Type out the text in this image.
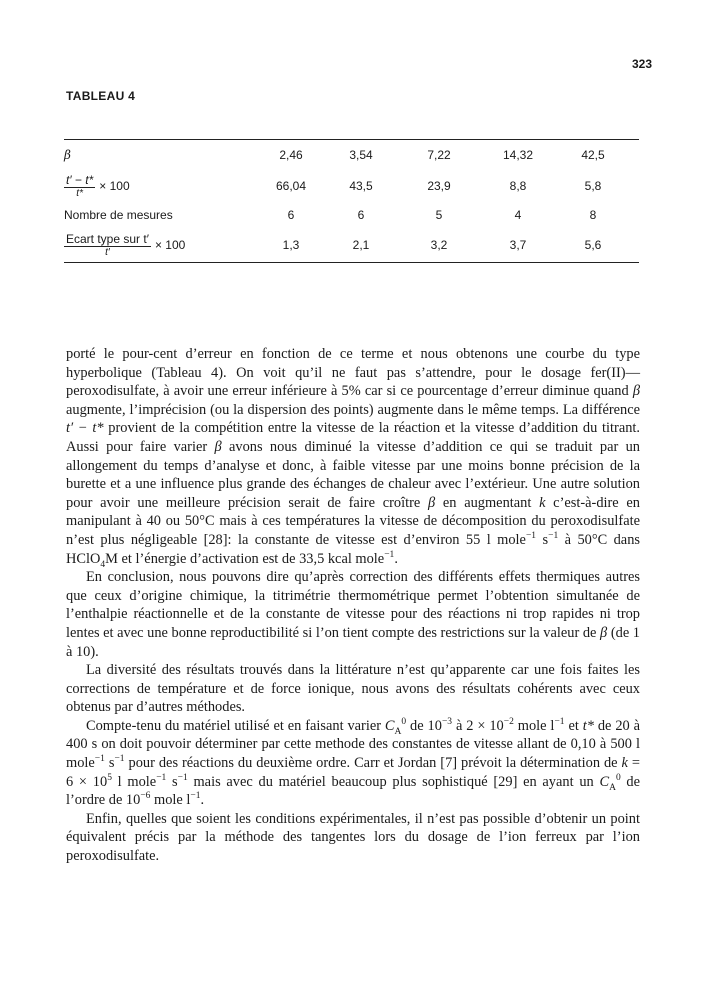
323
TABLEAU 4
β	2,46	3,54	7,22	14,32	42,5
$\frac{t' - t*}{t*} \times 100$	66,04	43,5	23,9	8,8	5,8
Nombre de mesures	6	6	5	4	8
$\frac{\text{Ecart type sur t′}}{t'} \times 100$	1,3	2,1	3,2	3,7	5,6

porté le pour-cent d’erreur en fonction de ce terme et nous obtenons une courbe du type hyperbolique (Tableau 4). On voit qu’il ne faut pas s’attendre, pour le dosage fer(II)—peroxodisulfate, à avoir une erreur inférieure à 5% car si ce pourcentage d’erreur diminue quand β augmente, l’imprécision (ou la dispersion des points) augmente dans le même temps. La différence t′ − t* provient de la compétition entre la vitesse de la réaction et la vitesse d’addition du titrant. Aussi pour faire varier β avons nous diminué la vitesse d’addition ce qui se traduit par un allongement du temps d’analyse et donc, à faible vitesse par une moins bonne précision de la burette et a une influence plus grande des échanges de chaleur avec l’extérieur. Une autre solution pour avoir une meilleure précision serait de faire croître β en augmentant k c’est-à-dire en manipulant à 40 ou 50°C mais à ces températures la vitesse de décomposition du peroxodisulfate n’est plus négligeable [28]: la constante de vitesse est d’environ 55 l mole$^{-1}$ $s^{-1}$ à 50°C dans HClO$_4$M et l’énergie d’activation est de 33,5 kcal mole$^{-1}$.

En conclusion, nous pouvons dire qu’après correction des différents effets thermiques autres que ceux d’origine chimique, la titrimétrie thermométrique permet l’obtention simultanée de l’enthalpie réactionnelle et de la constante de vitesse pour des réactions ni trop rapides ni trop lentes et avec une bonne reproductibilité si l’on tient compte des restrictions sur la valeur de β (de 1 à 10).

La diversité des résultats trouvés dans la littérature n’est qu’apparente car une fois faites les corrections de température et de force ionique, nous avons des résultats cohérents avec ceux obtenus par d’autres méthodes.

Compte-tenu du matériel utilisé et en faisant varier $C_A^0$ de $10^{-3}$ à $2 \times 10^{-2}$ mole $l^{-1}$ et t* de 20 à 400 s on doit pouvoir déterminer par cette methode des constantes de vitesse allant de 0,10 à 500 l mole$^{-1}$ $s^{-1}$ pour des réactions du deuxième ordre. Carr et Jordan [7] prévoit la détermination de $k = 6 \times 10^5$ l mole$^{-1}$ $s^{-1}$ mais avec du matériel beaucoup plus sophistiqué [29] en ayant un $C_A^0$ de l’ordre de $10^{-6}$ mole $l^{-1}$.

Enfin, quelles que soient les conditions expérimentales, il n’est pas possible d’obtenir un point équivalent précis par la méthode des tangentes lors du dosage de l’ion ferreux par l’ion peroxodisulfate.
